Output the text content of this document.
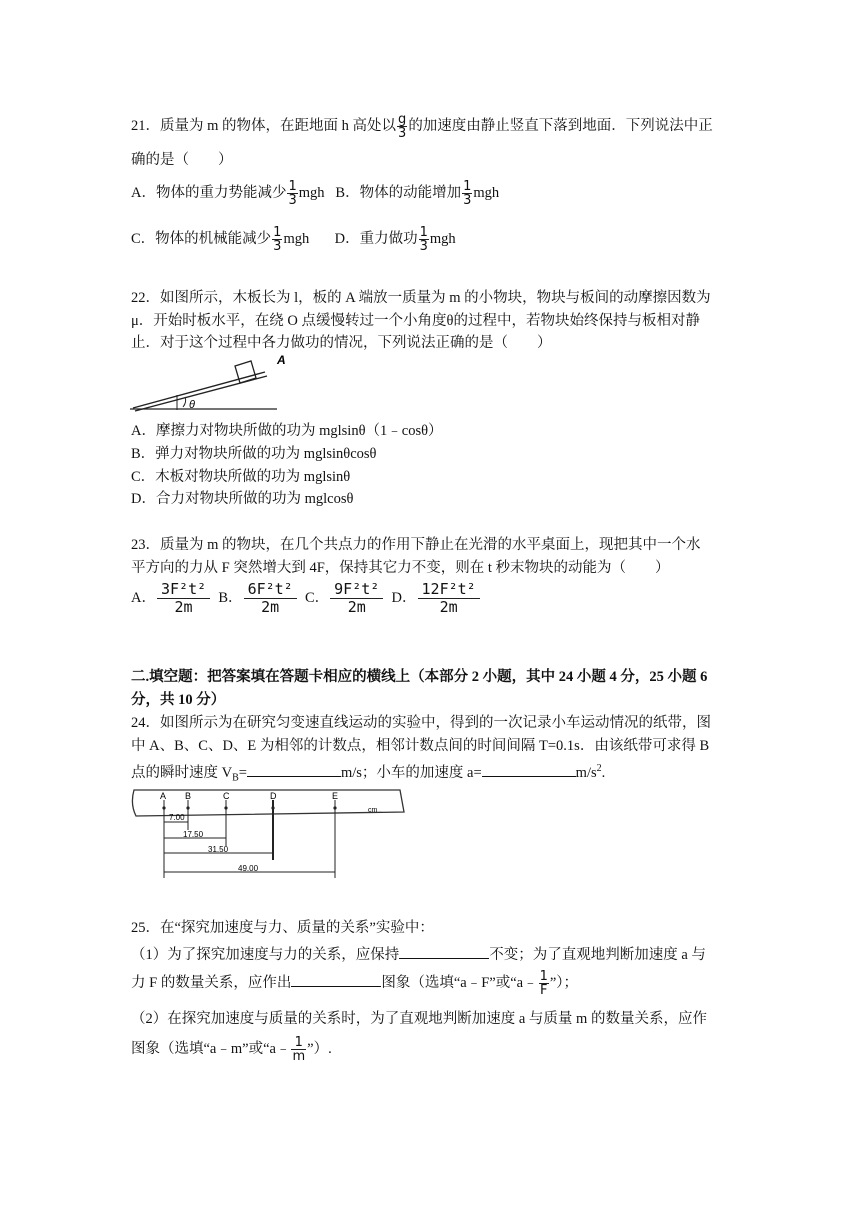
21．质量为 m 的物体，在距地面 h 高处以 $\frac{g}{3}$ 的加速度由静止竖直下落到地面．下列说法中正
确的是（　　）
A．物体的重力势能减少 $\frac{1}{3}$ mgh B．物体的动能增加 $\frac{1}{3}$ mgh
C．物体的机械能减少 $\frac{1}{3}$ mgh D．重力做功 $\frac{1}{3}$ mgh
22．如图所示，木板长为 l，板的 A 端放一质量为 m 的小物块，物块与板间的动摩擦因数为
μ．开始时板水平，在绕 O 点缓慢转过一个小角度θ的过程中，若物块始终保持与板相对静
止．对于这个过程中各力做功的情况，下列说法正确的是（　　）
θ
A
A．摩擦力对物块所做的功为 mglsinθ（1﹣cosθ）
B．弹力对物块所做的功为 mglsinθcosθ
C．木板对物块所做的功为 mglsinθ
D．合力对物块所做的功为 mglcosθ
23．质量为 m 的物块，在几个共点力的作用下静止在光滑的水平桌面上，现把其中一个水
平方向的力从 F 突然增大到 4F，保持其它力不变，则在 t 秒末物块的动能为（　　）
A． $\frac{\text{3F²t²}}{2m}$ B． $\frac{\text{6F²t²}}{2m}$ C． $\frac{\text{9F²t²}}{2m}$ D． $\frac{\text{12F²t²}}{2m}$
二.填空题：把答案填在答题卡相应的横线上（本部分 2 小题，其中 24 小题 4 分，25 小题 6
分，共 10 分）
24．如图所示为在研究匀变速直线运动的实验中，得到的一次记录小车运动情况的纸带，图
中 A、B、C、D、E 为相邻的计数点，相邻计数点间的时间间隔 T=0.1s．由该纸带可求得 B
点的瞬时速度 $V_B=$	m/s；小车的加速度 a=	$m/s^2$.
A B	C	D	E
cm
7.00
17.50
31.50
49.00
25．在“探究加速度与力、质量的关系”实验中：
（1）为了探究加速度与力的关系，应保持	不变；为了直观地判断加速度 a 与
力 F 的数量关系，应作出	图象（选填“a﹣F”或“a﹣ $\frac{1}{F}$ ”）；
（2）在探究加速度与质量的关系时，为了直观地判断加速度 a 与质量 m 的数量关系，应作
图象（选填“a﹣m”或“a﹣ $\frac{1}{m}$ ”）.
